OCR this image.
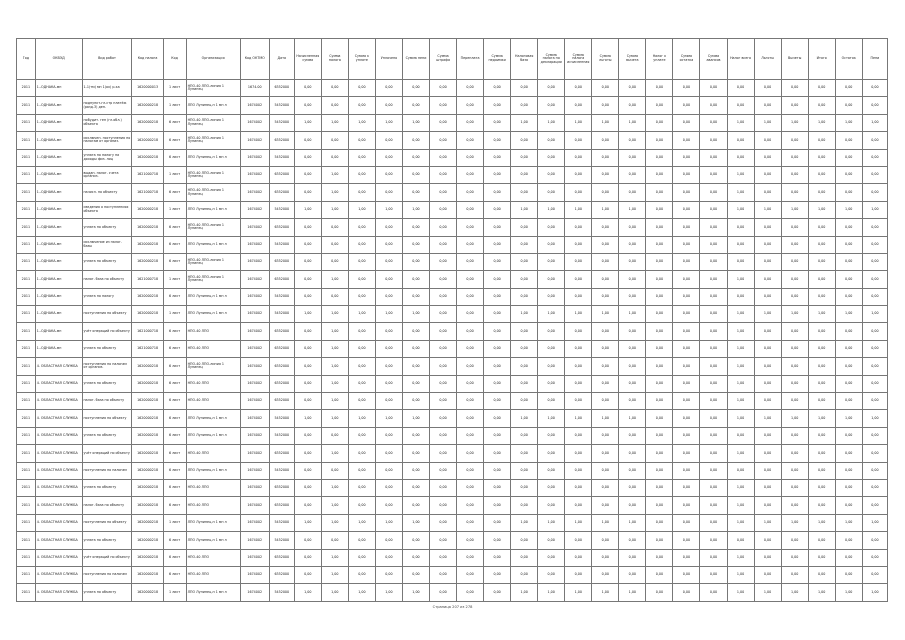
Год	ОКВЭД	Вид работ	Код налога	Код	Организация	Код ОКТМО	Дата	Начисленная сумма	Сумма налога	Сумма к уплате	Уплачено	Сумма пени	Сумма штрафа	Переплата	Сумма недоимки	Налоговая база	Сумма налога по декларации	Сумма налога исчисленная	Сумма льготы	Сумма вычета	Налог к уплате	Сумма остатка	Сумма авансов	Налог всего	Льготы	Вычеты	Итого	Остаток	Пени
2011	1.-ОДНАКА-мп	1-1(тм) мп 1(ох) р-ка	1620000013	1 лист	НПО-40 ЛПО-линия 1 Лунинец	1674.00	6352000	0,00	0,00	0,00	0,00	0,00	0,00	0,00	0,00	0,00	0,00	0,00	0,00	0,00	0,00	0,00	0,00	0,00	0,00	0,00	0,00	0,00	0,00
2011	1.-ОДНАКА-мп	подпункт-гл-стр платёж (разд.3) ден.	1620000218	1 лист	ЛПО Лунинец-п 1 мп л	1674002	5452000	0,00	0,00	0,00	0,00	0,00	0,00	0,00	0,00	0,00	0,00	0,00	0,00	0,00	0,00	0,00	0,00	0,00	0,00	0,00	0,00	0,00	0,00
2011	1.-ОДНАКА-мп	побудит. ген (гл.обл.) объекта	1620000218	6 лист	НПО-40 ЛПО-линия 1 Лунинец	1674002	5452000	1,00	1,00	1,00	1,00	1,00	0,00	0,00	0,00	1,00	1,00	1,00	1,00	1,00	0,00	0,00	0,00	1,00	1,00	1,00	1,00	1,00	1,00
2011	1.-ОДНАКА-мп	исключен. поступления по налогам от организ.	1620000218	6 лист	НПО-40 ЛПО-линия 1 Лунинец	1674002	6352000	0,00	0,00	0,00	0,00	0,00	0,00	0,00	0,00	0,00	0,00	0,00	0,00	0,00	0,00	0,00	0,00	0,00	0,00	0,00	0,00	0,00	0,00
2011	1.-ОДНАКА-мп	уплата по налогу на доходы физ. лиц	1620000218	6 лист	ЛПО Лунинец-п 1 мп л	1674002	5452000	0,00	0,00	0,00	0,00	0,00	0,00	0,00	0,00	0,00	0,00	0,00	0,00	0,00	0,00	0,00	0,00	0,00	0,00	0,00	0,00	0,00	0,00
2011	1.-ОДНАКА-мп	выдан. налог. счета организ.	1621000718	1 лист	НПО-40 ЛПО-линия 1 Лунинец	1674002	6352000	0,00	1,00	0,00	0,00	0,00	0,00	0,00	0,00	0,00	0,00	0,00	0,00	0,00	0,00	0,00	0,00	1,00	0,00	0,00	0,00	0,00	0,00
2011	1.-ОДНАКА-мп	начисл. по объекту	1621000718	6 лист	НПО-40 ЛПО-линия 1 Лунинец	1674002	6352000	0,00	1,00	0,00	0,00	0,00	0,00	0,00	0,00	0,00	0,00	0,00	0,00	0,00	0,00	0,00	0,00	1,00	0,00	0,00	0,00	0,00	0,00
2011	1.-ОДНАКА-мп	сведения о поступлениях объекта	1620000218	1 лист	ЛПО Лунинец-п 1 мп л	1674002	5452000	1,00	1,00	1,00	1,00	1,00	0,00	0,00	0,00	1,00	1,00	1,00	1,00	1,00	0,00	0,00	0,00	1,00	1,00	1,00	1,00	1,00	1,00
2011	1.-ОДНАКА-мп	уплата по объекту	1620000218	6 лист	НПО-40 ЛПО-линия 1 Лунинец	1674002	6352000	0,00	0,00	0,00	0,00	0,00	0,00	0,00	0,00	0,00	0,00	0,00	0,00	0,00	0,00	0,00	0,00	0,00	0,00	0,00	0,00	0,00	0,00
2011	1.-ОДНАКА-мп	исключение из налог. базы	1620000218	6 лист	ЛПО Лунинец-п 1 мп л	1674002	5452000	0,00	0,00	0,00	0,00	0,00	0,00	0,00	0,00	0,00	0,00	0,00	0,00	0,00	0,00	0,00	0,00	0,00	0,00	0,00	0,00	0,00	0,00
2011	1.-ОДНАКА-мп	уплата по объекту	1620000218	6 лист	НПО-40 ЛПО-линия 1 Лунинец	1674002	6352000	0,00	0,00	0,00	0,00	0,00	0,00	0,00	0,00	0,00	0,00	0,00	0,00	0,00	0,00	0,00	0,00	0,00	0,00	0,00	0,00	0,00	0,00
2011	1.-ОДНАКА-мп	налог. база по объекту	1621000718	1 лист	НПО-40 ЛПО-линия 1 Лунинец	1674002	6352000	0,00	1,00	0,00	0,00	0,00	0,00	0,00	0,00	0,00	0,00	0,00	0,00	0,00	0,00	0,00	0,00	1,00	0,00	0,00	0,00	0,00	0,00
2011	1.-ОДНАКА-мп	уплата по налогу	1620000218	6 лист	ЛПО Лунинец-п 1 мп л	1674002	5452000	0,00	0,00	0,00	0,00	0,00	0,00	0,00	0,00	0,00	0,00	0,00	0,00	0,00	0,00	0,00	0,00	0,00	0,00	0,00	0,00	0,00	0,00
2011	1.-ОДНАКА-мп	поступления по объекту	1620000218	1 лист	ЛПО Лунинец-п 1 мп л	1674002	5452000	1,00	1,00	1,00	1,00	1,00	0,00	0,00	0,00	1,00	1,00	1,00	1,00	1,00	0,00	0,00	0,00	1,00	1,00	1,00	1,00	1,00	1,00
2011	1.-ОДНАКА-мп	учёт операций по объекту	1621000718	6 лист	НПО-40 ЛПО	1674002	6352000	0,00	1,00	0,00	0,00	0,00	0,00	0,00	0,00	0,00	0,00	0,00	0,00	0,00	0,00	0,00	0,00	1,00	0,00	0,00	0,00	0,00	0,00
2011	1.-ОДНАКА-мп	уплата по объекту	1621000718	6 лист	НПО-40 ЛПО	1674002	6352000	0,00	1,00	0,00	0,00	0,00	0,00	0,00	0,00	0,00	0,00	0,00	0,00	0,00	0,00	0,00	0,00	1,00	0,00	0,00	0,00	0,00	0,00
2011	4. ОБЛАСТНАЯ СЛУЖБА	поступления по налогам от организ.	1620000218	6 лист	НПО-40 ЛПО-линия 1 Лунинец	1674002	6352000	0,00	1,00	0,00	0,00	0,00	0,00	0,00	0,00	0,00	0,00	0,00	0,00	0,00	0,00	0,00	0,00	1,00	0,00	0,00	0,00	0,00	0,00
2011	4. ОБЛАСТНАЯ СЛУЖБА	уплата по объекту	1620000218	6 лист	НПО-40 ЛПО	1674002	6352000	0,00	1,00	0,00	0,00	0,00	0,00	0,00	0,00	0,00	0,00	0,00	0,00	0,00	0,00	0,00	0,00	1,00	0,00	0,00	0,00	0,00	0,00
2011	4. ОБЛАСТНАЯ СЛУЖБА	налог. база по объекту	1620000218	6 лист	НПО-40 ЛПО	1674002	6352000	0,00	1,00	0,00	0,00	0,00	0,00	0,00	0,00	0,00	0,00	0,00	0,00	0,00	0,00	0,00	0,00	1,00	0,00	0,00	0,00	0,00	0,00
2011	4. ОБЛАСТНАЯ СЛУЖБА	поступления по объекту	1620000218	6 лист	ЛПО Лунинец-п 1 мп л	1674002	5452000	1,00	1,00	1,00	1,00	1,00	0,00	0,00	0,00	1,00	1,00	1,00	1,00	1,00	0,00	0,00	0,00	1,00	1,00	1,00	1,00	1,00	1,00
2011	4. ОБЛАСТНАЯ СЛУЖБА	уплата по объекту	1620000218	6 лист	ЛПО Лунинец-п 1 мп л	1674002	5452000	0,00	0,00	0,00	0,00	0,00	0,00	0,00	0,00	0,00	0,00	0,00	0,00	0,00	0,00	0,00	0,00	0,00	0,00	0,00	0,00	0,00	0,00
2011	4. ОБЛАСТНАЯ СЛУЖБА	учёт операций по объекту	1620000218	6 лист	НПО-40 ЛПО	1674002	6352000	0,00	1,00	0,00	0,00	0,00	0,00	0,00	0,00	0,00	0,00	0,00	0,00	0,00	0,00	0,00	0,00	1,00	0,00	0,00	0,00	0,00	0,00
2011	4. ОБЛАСТНАЯ СЛУЖБА	поступления по налогам	1620000218	6 лист	ЛПО Лунинец-п 1 мп л	1674002	5452000	0,00	0,00	0,00	0,00	0,00	0,00	0,00	0,00	0,00	0,00	0,00	0,00	0,00	0,00	0,00	0,00	0,00	0,00	0,00	0,00	0,00	0,00
2011	4. ОБЛАСТНАЯ СЛУЖБА	уплата по объекту	1620000218	6 лист	НПО-40 ЛПО	1674002	6352000	0,00	1,00	0,00	0,00	0,00	0,00	0,00	0,00	0,00	0,00	0,00	0,00	0,00	0,00	0,00	0,00	1,00	0,00	0,00	0,00	0,00	0,00
2011	4. ОБЛАСТНАЯ СЛУЖБА	налог. база по объекту	1620000218	6 лист	НПО-40 ЛПО	1674002	6352000	0,00	1,00	0,00	0,00	0,00	0,00	0,00	0,00	0,00	0,00	0,00	0,00	0,00	0,00	0,00	0,00	1,00	0,00	0,00	0,00	0,00	0,00
2011	4. ОБЛАСТНАЯ СЛУЖБА	поступления по объекту	1620000218	1 лист	ЛПО Лунинец-п 1 мп л	1674002	5452000	1,00	1,00	1,00	1,00	1,00	0,00	0,00	0,00	1,00	1,00	1,00	1,00	1,00	0,00	0,00	0,00	1,00	1,00	1,00	1,00	1,00	1,00
2011	4. ОБЛАСТНАЯ СЛУЖБА	уплата по объекту	1620000218	6 лист	ЛПО Лунинец-п 1 мп л	1674002	5452000	0,00	0,00	0,00	0,00	0,00	0,00	0,00	0,00	0,00	0,00	0,00	0,00	0,00	0,00	0,00	0,00	0,00	0,00	0,00	0,00	0,00	0,00
2011	4. ОБЛАСТНАЯ СЛУЖБА	учёт операций по объекту	1620000218	6 лист	НПО-40 ЛПО	1674002	6352000	0,00	1,00	0,00	0,00	0,00	0,00	0,00	0,00	0,00	0,00	0,00	0,00	0,00	0,00	0,00	0,00	1,00	0,00	0,00	0,00	0,00	0,00
2011	4. ОБЛАСТНАЯ СЛУЖБА	поступления по налогам	1620000218	6 лист	НПО-40 ЛПО	1674002	6352000	0,00	1,00	0,00	0,00	0,00	0,00	0,00	0,00	0,00	0,00	0,00	0,00	0,00	0,00	0,00	0,00	1,00	0,00	0,00	0,00	0,00	0,00
2011	4. ОБЛАСТНАЯ СЛУЖБА	уплата по объекту	1620000218	1 лист	ЛПО Лунинец-п 1 мп л	1674002	5452000	1,00	1,00	1,00	1,00	1,00	0,00	0,00	0,00	1,00	1,00	1,00	1,00	1,00	0,00	0,00	0,00	1,00	1,00	1,00	1,00	1,00	1,00
Страница 207 из 278
